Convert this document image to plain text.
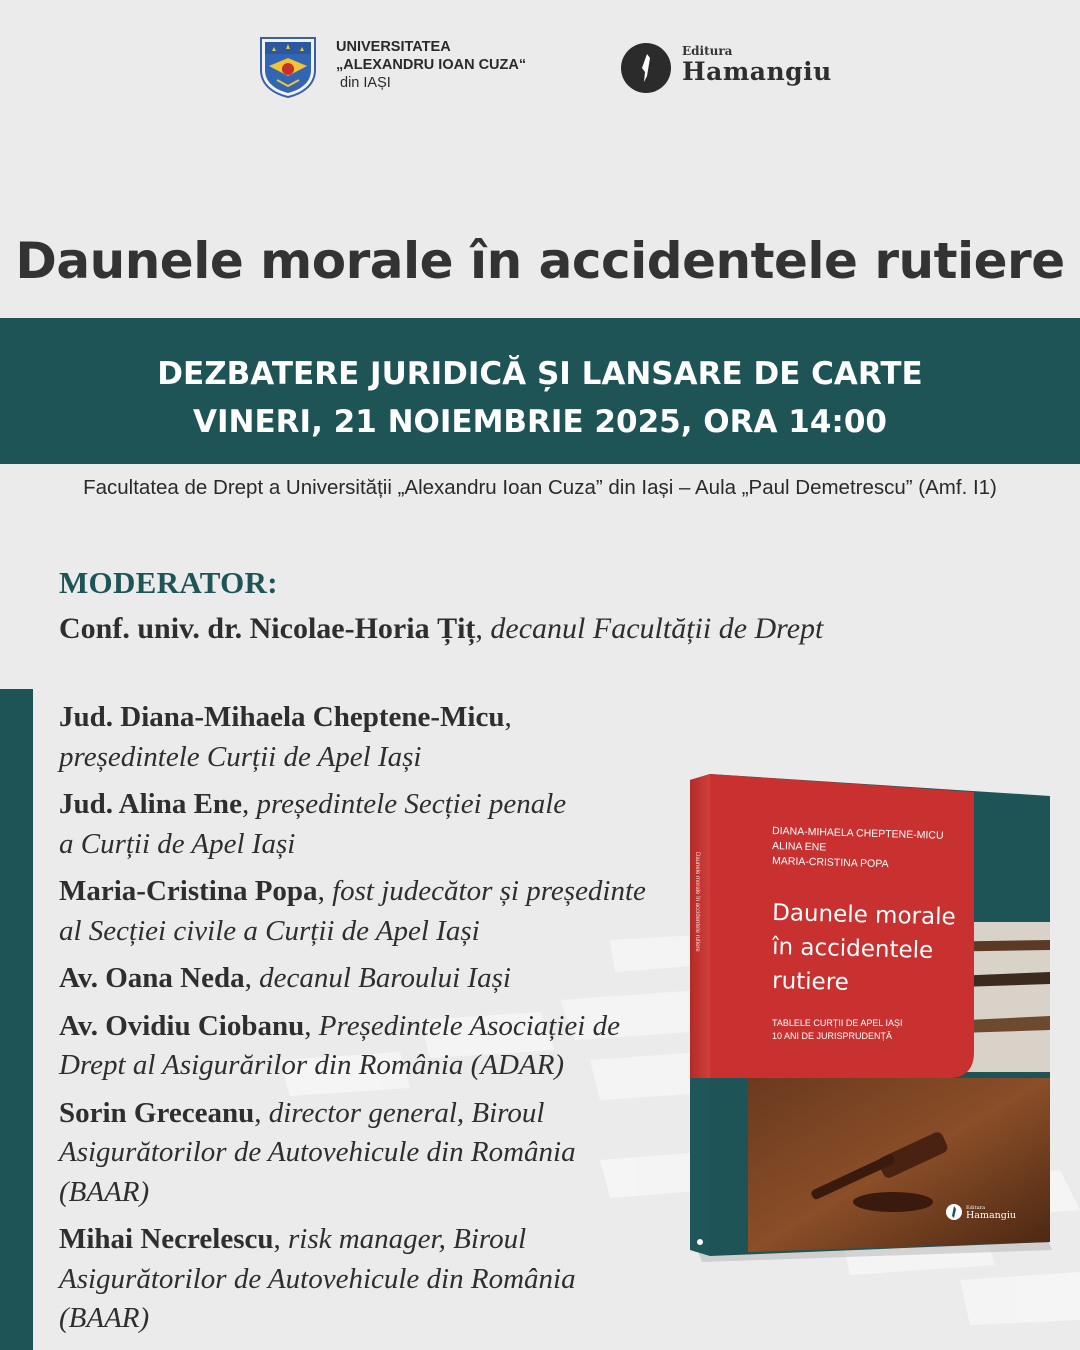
UNIVERSITATEA
„ALEXANDRU IOAN CUZA“
din IAȘI
Editura
Hamangiu
Daunele morale în accidentele rutiere
DEZBATERE JURIDICĂ ȘI LANSARE DE CARTE
VINERI, 21 NOIEMBRIE 2025, ORA 14:00
Facultatea de Drept a Universității „Alexandru Ioan Cuza” din Iași – Aula „Paul Demetrescu” (Amf. I1)
MODERATOR:
Conf. univ. dr. Nicolae-Horia Țiț, decanul Facultății de Drept
Jud. Diana-Mihaela Cheptene-Micu,
președintele Curții de Apel Iași
Jud. Alina Ene, președintele Secției penale a Curții de Apel Iași
Maria-Cristina Popa, fost judecător și președinte al Secției civile a Curții de Apel Iași
Av. Oana Neda, decanul Baroului Iași
Av. Ovidiu Ciobanu, Președintele Asociației de Drept al Asigurărilor din România (ADAR)
Sorin Greceanu, director general, Biroul Asigurătorilor de Autovehicule din România (BAAR)
Mihai Necrelescu, risk manager, Biroul Asigurătorilor de Autovehicule din România (BAAR)
DIANA-MIHAELA CHEPTENE-MICU
ALINA ENE
MARIA-CRISTINA POPA
Daunele morale
în accidentele
rutiere
TABLELE CURȚII DE APEL IAȘI
10 ANI DE JURISPRUDENȚĂ
Daunele morale în accidentele rutiere
Editura
Hamangiu
